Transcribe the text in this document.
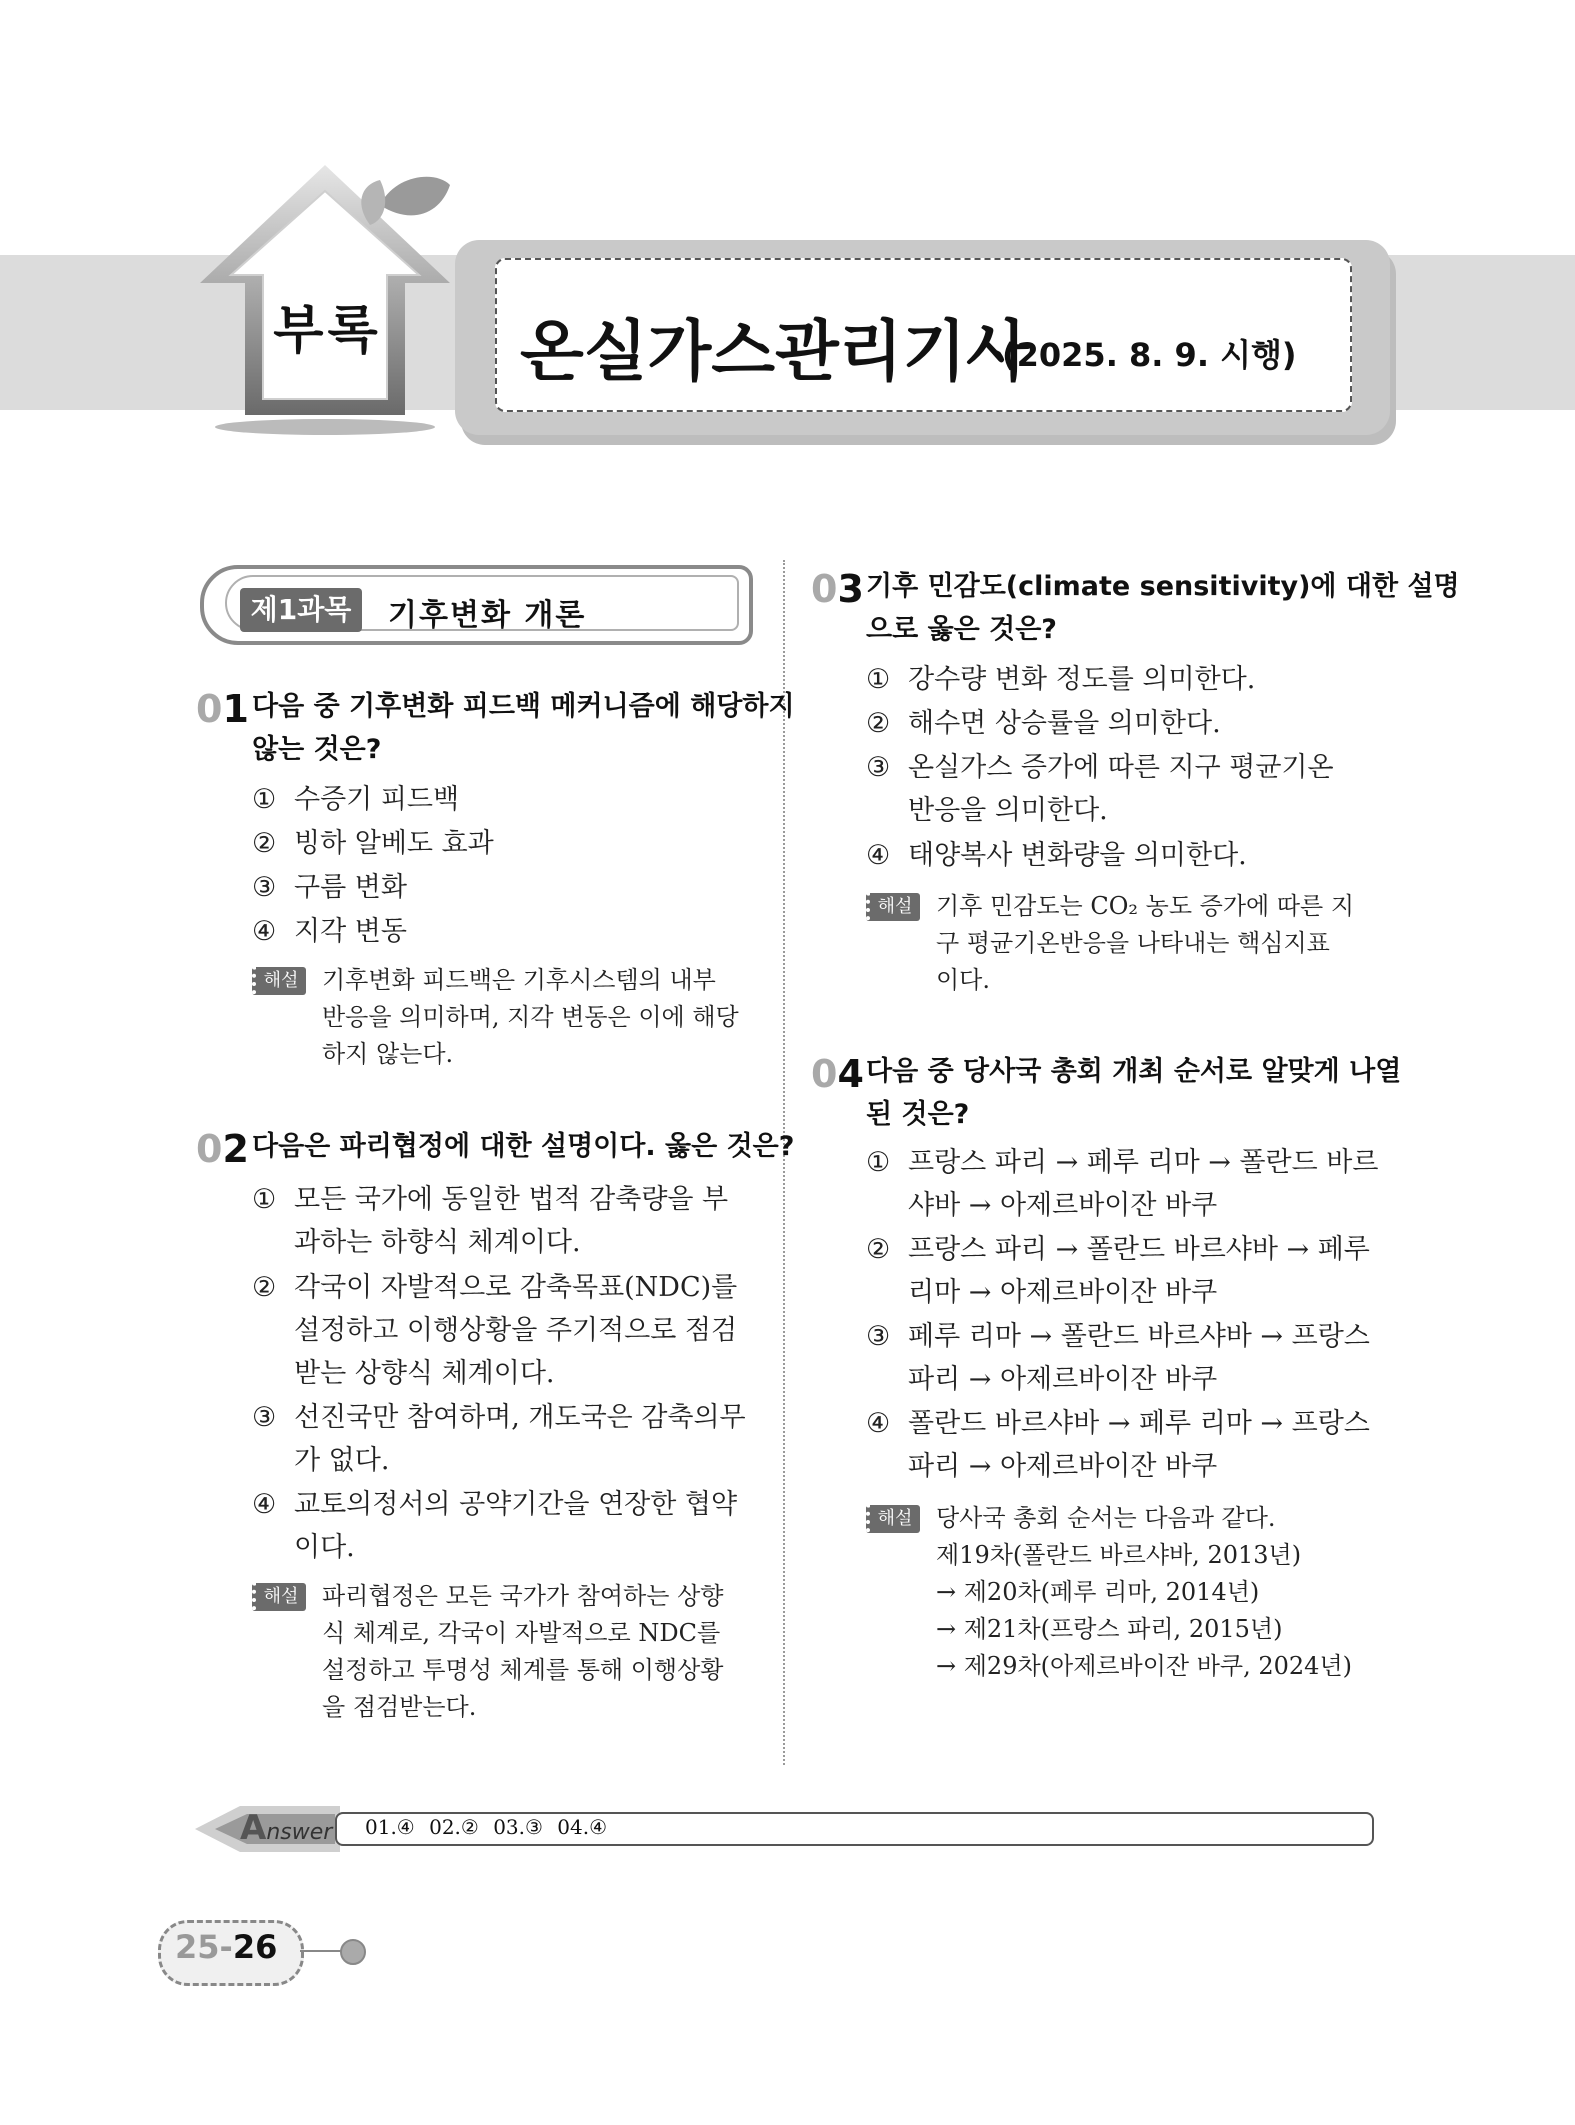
부록 온실가스관리기사
(2025. 8. 9. 시행)
제1과목	기후변화 개론
01 다음 중 기후변화 피드백 메커니즘에 해당하지
않는 것은?
① 수증기 피드백
② 빙하 알베도 효과
③ 구름 변화
④ 지각 변동
해설 기후변화 피드백은 기후시스템의 내부
반응을 의미하며, 지각 변동은 이에 해당
하지 않는다.
02 다음은 파리협정에 대한 설명이다. 옳은 것은?
① 모든 국가에 동일한 법적 감축량을 부
과하는 하향식 체계이다.
② 각국이 자발적으로 감축목표(NDC)를
설정하고 이행상황을 주기적으로 점검
받는 상향식 체계이다.
③ 선진국만 참여하며, 개도국은 감축의무
가 없다.
④ 교토의정서의 공약기간을 연장한 협약
이다.
해설 파리협정은 모든 국가가 참여하는 상향
식 체계로, 각국이 자발적으로 NDC를
설정하고 투명성 체계를 통해 이행상황
을 점검받는다.
03 기후 민감도(climate sensitivity)에 대한 설명
으로 옳은 것은?
① 강수량 변화 정도를 의미한다.
② 해수면 상승률을 의미한다.
③ 온실가스 증가에 따른 지구 평균기온
반응을 의미한다.
④ 태양복사 변화량을 의미한다.
해설 기후 민감도는 CO₂ 농도 증가에 따른 지
구 평균기온반응을 나타내는 핵심지표
이다.
04 다음 중 당사국 총회 개최 순서로 알맞게 나열
된 것은?
① 프랑스 파리 → 페루 리마 → 폴란드 바르
샤바 → 아제르바이잔 바쿠
② 프랑스 파리 → 폴란드 바르샤바 → 페루
리마 → 아제르바이잔 바쿠
③ 페루 리마 → 폴란드 바르샤바 → 프랑스
파리 → 아제르바이잔 바쿠
④ 폴란드 바르샤바 → 페루 리마 → 프랑스
파리 → 아제르바이잔 바쿠
해설 당사국 총회 순서는 다음과 같다.
제19차(폴란드 바르샤바, 2013년)
→ 제20차(페루 리마, 2014년)
→ 제21차(프랑스 파리, 2015년)
→ 제29차(아제르바이잔 바쿠, 2024년)
Answer 01.④ 02.② 03.③ 04.④
25-26
